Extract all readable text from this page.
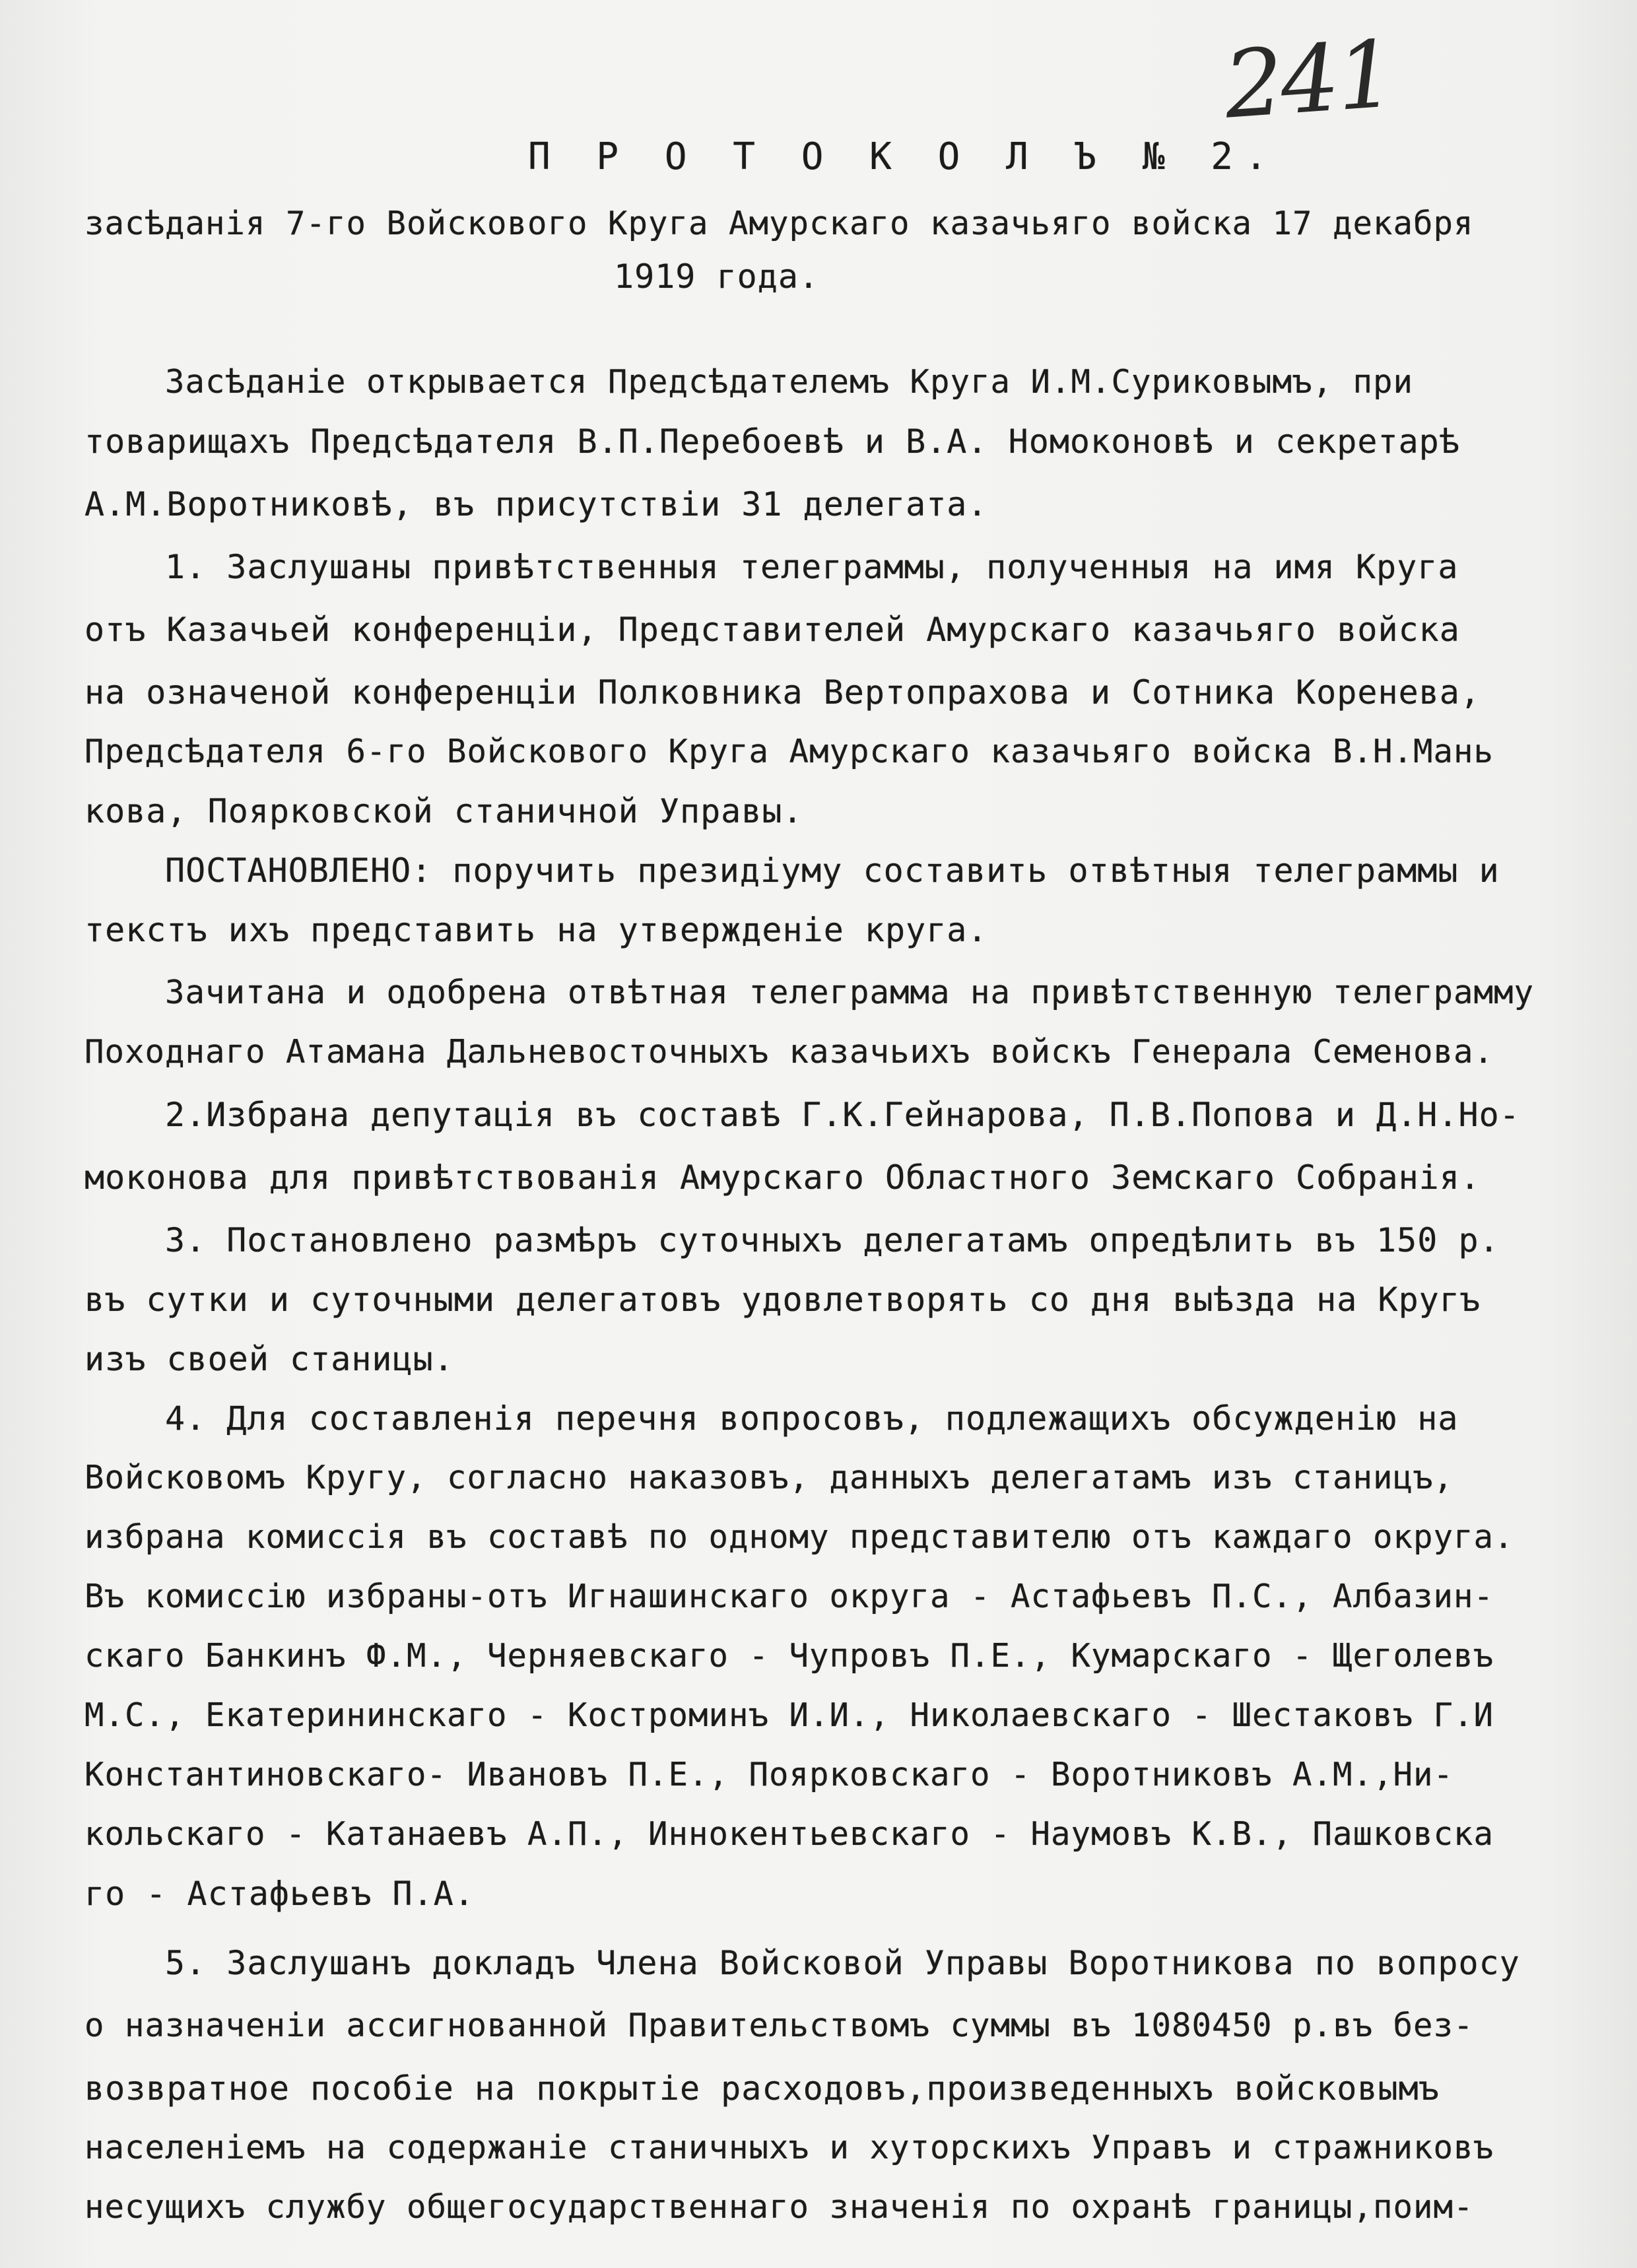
241
П Р О Т О К О Л Ъ № 2.
засѣданія 7-го Войскового Круга Амурскаго казачьяго войска 17 декабря
1919 года.
Засѣданіе открывается Предсѣдателемъ Круга И.М.Суриковымъ, при
товарищахъ Предсѣдателя В.П.Перебоевѣ и В.А. Номоконовѣ и секретарѣ
А.М.Воротниковѣ, въ присутствіи 31 делегата.
1. Заслушаны привѣтственныя телеграммы, полученныя на имя Круга
отъ Казачьей конференціи, Представителей Амурскаго казачьяго войска
на означеной конференціи Полковника Вертопрахова и Сотника Коренева,
Предсѣдателя 6-го Войскового Круга Амурскаго казачьяго войска В.Н.Мань
кова, Поярковской станичной Управы.
ПОСТАНОВЛЕНО: поручить президіуму составить отвѣтныя телеграммы и
текстъ ихъ представить на утвержденіе круга.
Зачитана и одобрена отвѣтная телеграмма на привѣтственную телеграмму
Походнаго Атамана Дальневосточныхъ казачьихъ войскъ Генерала Семенова.
2.Избрана депутація въ составѣ Г.К.Гейнарова, П.В.Попова и Д.Н.Но-
моконова для привѣтствованія Амурскаго Областного Земскаго Собранія.
3. Постановлено размѣръ суточныхъ делегатамъ опредѣлить въ 150 р.
въ сутки и суточными делегатовъ удовлетворять со дня выѣзда на Кругъ
изъ своей станицы.
4. Для составленія перечня вопросовъ, подлежащихъ обсужденію на
Войсковомъ Кругу, согласно наказовъ, данныхъ делегатамъ изъ станицъ,
избрана комиссія въ составѣ по одному представителю отъ каждаго округа.
Въ комиссію избраны-отъ Игнашинскаго округа - Астафьевъ П.С., Албазин-
скаго Банкинъ Ф.М., Черняевскаго - Чупровъ П.Е., Кумарскаго - Щеголевъ
М.С., Екатерининскаго - Костроминъ И.И., Николаевскаго - Шестаковъ Г.И
Константиновскаго- Ивановъ П.Е., Поярковскаго - Воротниковъ А.М.,Ни-
кольскаго - Катанаевъ А.П., Иннокентьевскаго - Наумовъ К.В., Пашковска
го - Астафьевъ П.А.
5. Заслушанъ докладъ Члена Войсковой Управы Воротникова по вопросу
о назначеніи ассигнованной Правительствомъ суммы въ 1080450 р.въ без-
возвратное пособіе на покрытіе расходовъ,произведенныхъ войсковымъ
населеніемъ на содержаніе станичныхъ и хуторскихъ Управъ и стражниковъ
несущихъ службу общегосударственнаго значенія по охранѣ границы,поим-
